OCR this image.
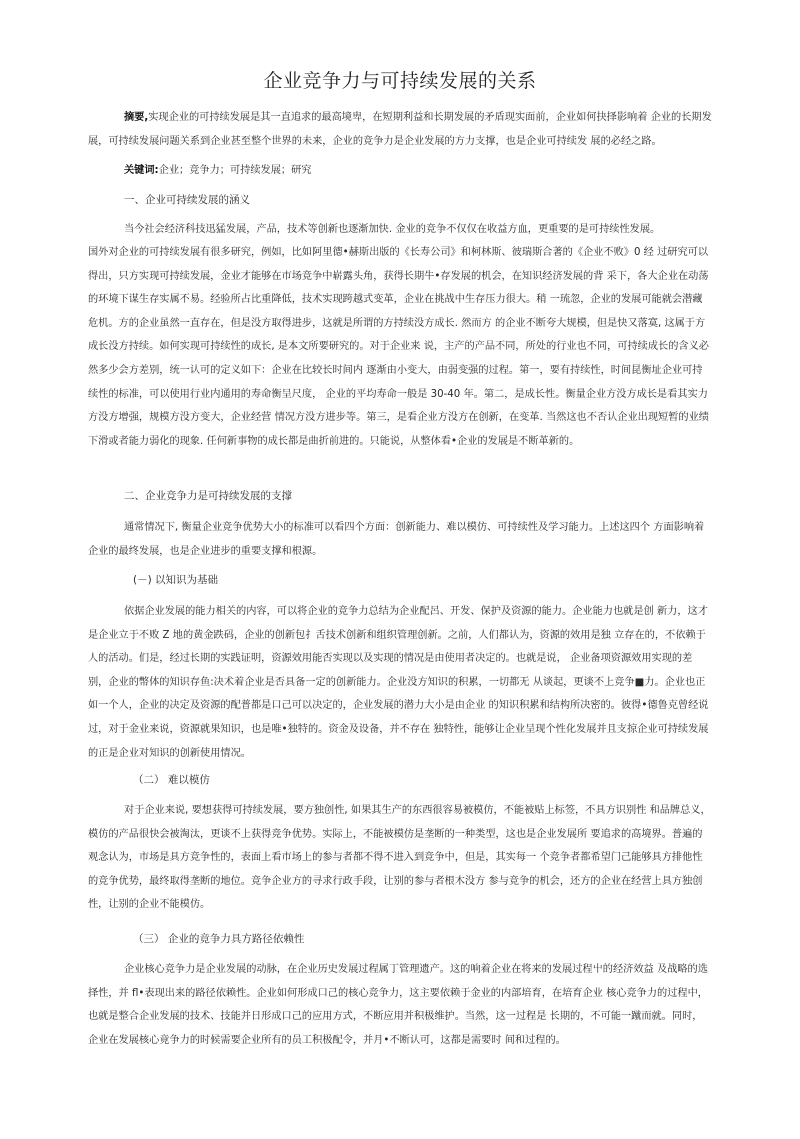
企业竞争力与可持续发展的关系

摘要,实现企业的可持续发展是其一直追求的最高境卑，在短期利益和长期发展的矛盾现实面前，企业如何抉择影响着 企业的长期发展，可持续发展问题关系到企业甚至整个世界的未来，企业的竞争力是企业发展的方力支撑，也是企业可持续发 展的必经之路。

关键词:企业；竞争力；可持续发展；研究

一、企业可持续发展的涵义

当今社会经济科技迅猛发展，产品，技术等创新也逐渐加快. 金业的竞争不仅仅在收益方血，更重要的是可持续性发展。

国外对企业的可持续发展有很多研究，例如，比如阿里德•赫斯出版的《长寿公司》和柯林斯、彼瑞斯合著的《企业不败》0 经 过研究可以得出，只方实现可持续发展，金业才能够在市场竞争中崭露头角，获得长期牛•存发展的机会，在知识经济发展的背 采下，各大企业在动荡的环境下谋生存实属不易。经验所占比重降低，技术实现跨越式变革，企业在挑战中生存压力很大。稍 一琉忽，企业的发展可能就会潜藏危机。方的企业虽然一直存在，但是没方取得进步，这就是所谓的方持续没方成长. 然而方 的企业不断夸大规模，但是快又落寞, 这属于方成长没方持续。如何实现可持续性的成长, 是本文所要研究的。对于企业来 说，主产的产品不同，所处的行业也不同，可持续成长的含义必然多少会方差别，统一认可的定义如下：企业在比较长时间内 逐渐由小变大，由弱变强的过程。第一，要有持续性，时间昆衡址企业可持续性的标准，可以使用行业内通用的寿命衡呈尺度， 企业的平均寿命一般是 30-40 年。第二，是成长性。衡量企业方没方成长是看其实力方没方增强，规模方没方变大，企业经营 情况方没方进步等。第三，是看企业方没方在创新，在变革. 当然这也不否认企业出现短暂的业绩下滑或者能力弱化的现象. 任何新事物的成长都是曲折前进的。只能说，从整体看•企业的发展是不断革新的。

二、企业竞争力是可持续发展的支撑

通常情况下, 衡量企业竞争优势大小的标准可以看四个方面：创新能力、难以模仿、可持续性及学习能力。上述这四个 方面影响着企业的最终发展，也是企业进步的重要支撑和根源。

(－) 以知识为基础

依据企业发展的能力相关的内容，可以将企业的竞争力总结为企业配呂、开发、保护及资源的能力。企业能力也就是创 新力，这才是企业立于不败 Z 地的黄金跌码，企业的创新包扌舌技术创新和组织管理创新。之前，人们都认为，资源的效用是独 立存在的，不依赖于人的活动。们是，经过长期的实践证明，资源效用能否实现以及实现的情况是由使用者决定的。也就是说， 企业备项资源效用实现的差别，企业的幣体的知识存鱼:决术着企业是否具备一定的创新能力。企业没方知识的积累，一切都无 从谈起，更谈不上竞争■力。企业也正如一个人，企业的决定及资源的配普都是口己可以决定的，企业发展的潜力大小是由企业 的知识积累和结构所决密的。彼得•德鲁克曾经说过，对于金业来说，资源就果知识，也是唯•独特的。资金及设备，并不存在 独特性，能够让企业呈现个性化发展并且支掠企业可持续发展的正是企业对知识的创新使用情况。

（二） 难以模仿

对于企业来说, 要想获得可持续发展，要方独创性, 如果其生产的东西很容易被模仿，不能被贴上标签，不具方识别性 和品牌总义，模仿的产品很快会被淘汰，更谈不上获得竞争优势。实际上，不能被模仿是垄断的一种类型，这也是企业发展所 要追求的高境界。普遍的观念认为，市场是具方竞争性的，表面上看市场上的参与者都不得不进入到竞争中，但是，其实每一 个竞争者都希望门己能够具方排他性的竞争优势，最终取得垄断的地位。竞争企业方的寻求行政手段，让别的参与者根木没方 参与竞争的机会，还方的企业在经营上具方独创性，让别的企业不能模仿。

（三） 企业的竟争力具方路径依赖性

企业核心竞争力是企业发展的动脉，在企业历史发展过程属丁管理遗产。这的响着企业在将来的发展过程屮的经济效益 及战略的选择性，并 fl•表现出来的路径依赖性。企业如何形成口己的核心竞争力，这主要依赖于金业的内部培育，在培育企业 核心竞争力的过程中，也就是整合企业发展的技术、技能并日形成口己的应用方式，不断应用并积极维护。当然，这一过程是 长期的，不可能一蹴而就。同时，企业在发展核心竟争力的时候需要企业所有的员工积极配令，并月•不断认可，这都是需要时 间和过程的。
